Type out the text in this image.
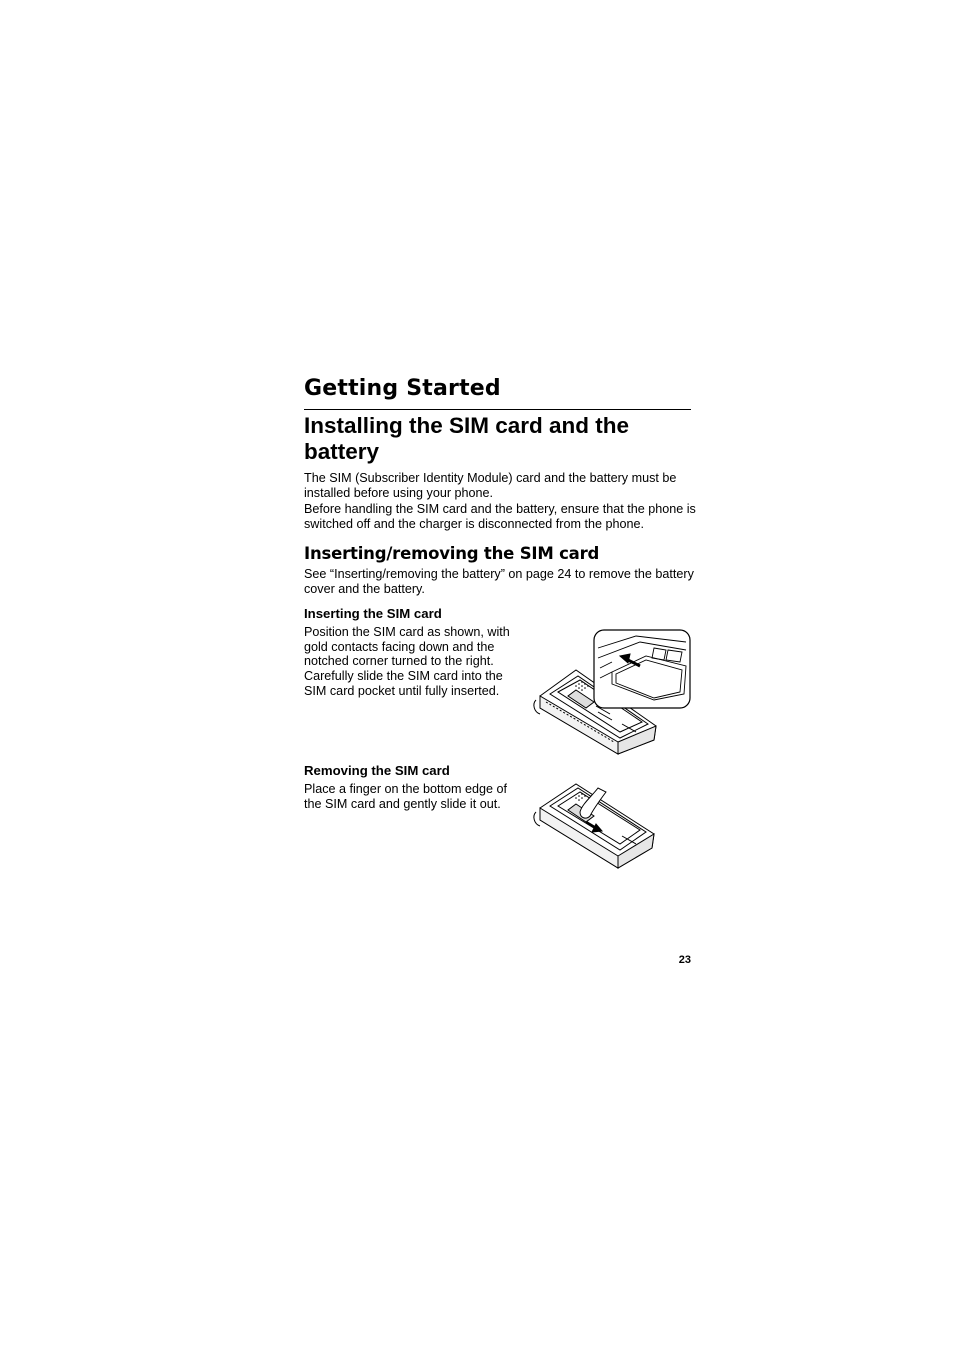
Getting Started
Installing the SIM card and the battery
The SIM (Subscriber Identity Module) card and the battery must be installed before using your phone.
Before handling the SIM card and the battery, ensure that the phone is switched off and the charger is disconnected from the phone.
Inserting/removing the SIM card
See “Inserting/removing the battery” on page 24 to remove the battery cover and the battery.
Inserting the SIM card
Position the SIM card as shown, with gold contacts facing down and the notched corner turned to the right. Carefully slide the SIM card into the SIM card pocket until fully inserted.
Removing the SIM card
Place a finger on the bottom edge of the SIM card and gently slide it out.
23
